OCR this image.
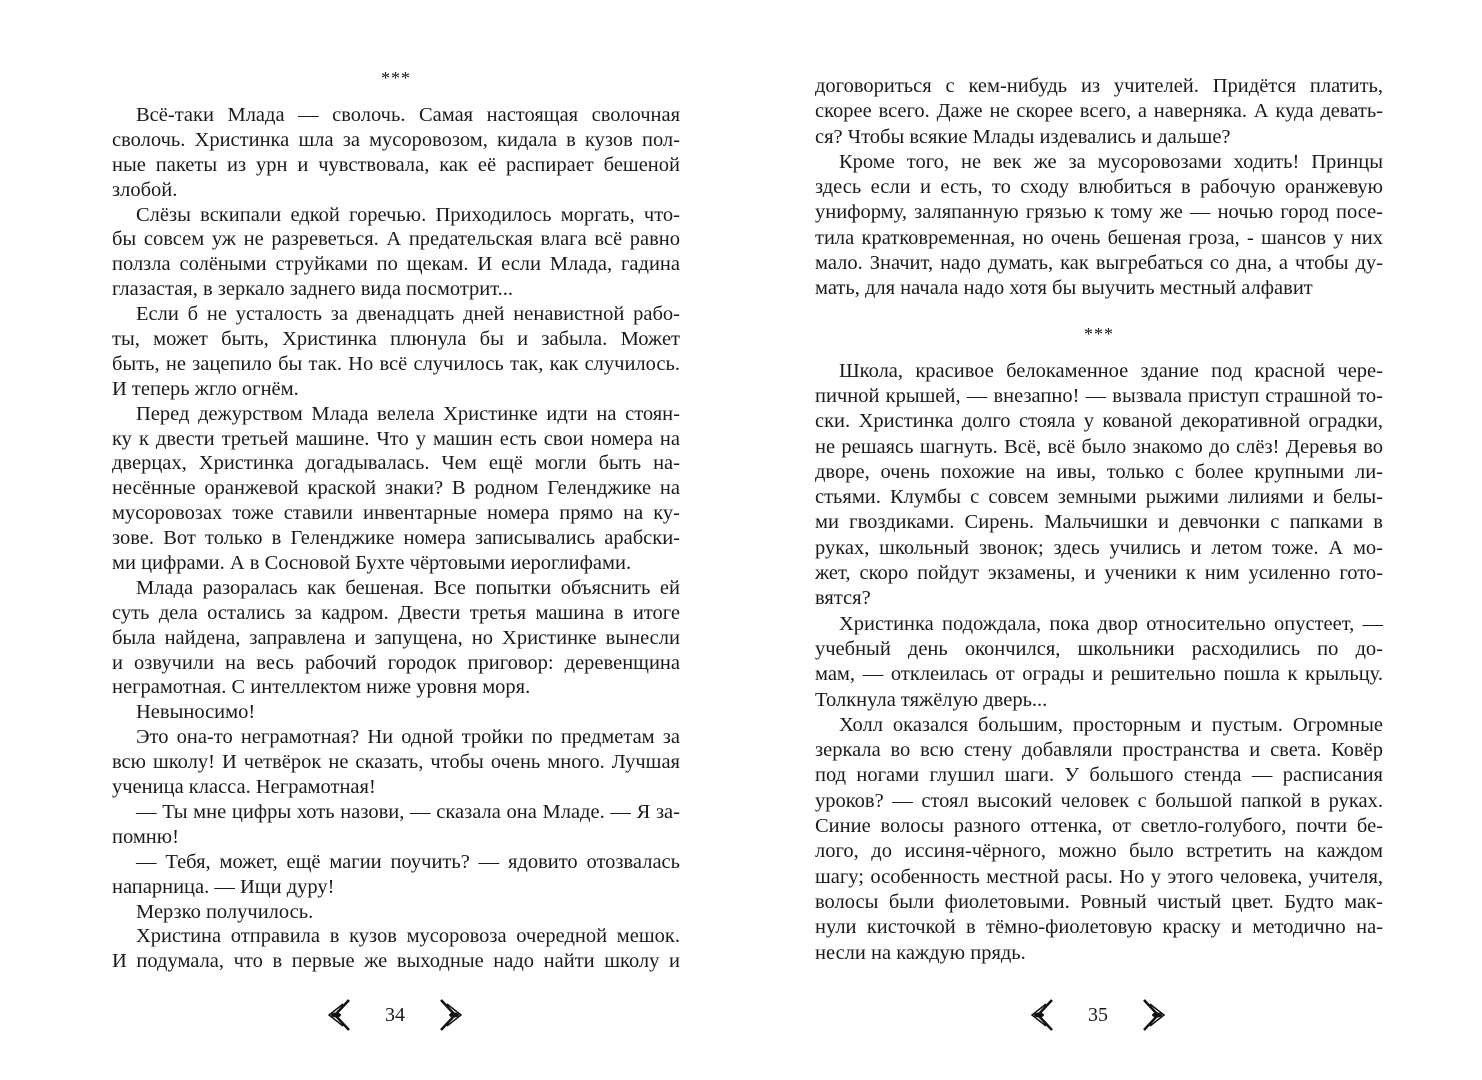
***
Всё-таки Млада — сволочь. Самая настоящая сволочная
сволочь. Христинка шла за мусоровозом, кидала в кузов пол-
ные пакеты из урн и чувствовала, как её распирает бешеной
злобой.
Слёзы вскипали едкой горечью. Приходилось моргать, что-
бы совсем уж не разреветься. А предательская влага всё равно
ползла солёными струйками по щекам. И если Млада, гадина
глазастая, в зеркало заднего вида посмотрит...
Если б не усталость за двенадцать дней ненавистной рабо-
ты, может быть, Христинка плюнула бы и забыла. Может
быть, не зацепило бы так. Но всё случилось так, как случилось.
И теперь жгло огнём.
Перед дежурством Млада велела Христинке идти на стоян-
ку к двести третьей машине. Что у машин есть свои номера на
дверцах, Христинка догадывалась. Чем ещё могли быть на-
несённые оранжевой краской знаки? В родном Геленджике на
мусоровозах тоже ставили инвентарные номера прямо на ку-
зове. Вот только в Геленджике номера записывались арабски-
ми цифрами. А в Сосновой Бухте чёртовыми иероглифами.
Млада разоралась как бешеная. Все попытки объяснить ей
суть дела остались за кадром. Двести третья машина в итоге
была найдена, заправлена и запущена, но Христинке вынесли
и озвучили на весь рабочий городок приговор: деревенщина
неграмотная. С интеллектом ниже уровня моря.
Невыносимо!
Это она-то неграмотная? Ни одной тройки по предметам за
всю школу! И четвёрок не сказать, чтобы очень много. Лучшая
ученица класса. Неграмотная!
— Ты мне цифры хоть назови, — сказала она Младе. — Я за-
помню!
— Тебя, может, ещё магии поучить? — ядовито отозвалась
напарница. — Ищи дуру!
Мерзко получилось.
Христина отправила в кузов мусоровоза очередной мешок.
И подумала, что в первые же выходные надо найти школу и
договориться с кем-нибудь из учителей. Придётся платить,
скорее всего. Даже не скорее всего, а наверняка. А куда девать-
ся? Чтобы всякие Млады издевались и дальше?
Кроме того, не век же за мусоровозами ходить! Принцы
здесь если и есть, то сходу влюбиться в рабочую оранжевую
униформу, заляпанную грязью к тому же — ночью город посе-
тила кратковременная, но очень бешеная гроза, - шансов у них
мало. Значит, надо думать, как выгребаться со дна, а чтобы ду-
мать, для начала надо хотя бы выучить местный алфавит
***
Школа, красивое белокаменное здание под красной чере-
пичной крышей, — внезапно! — вызвала приступ страшной то-
ски. Христинка долго стояла у кованой декоративной оградки,
не решаясь шагнуть. Всё, всё было знакомо до слёз! Деревья во
дворе, очень похожие на ивы, только с более крупными ли-
стьями. Клумбы с совсем земными рыжими лилиями и белы-
ми гвоздиками. Сирень. Мальчишки и девчонки с папками в
руках, школьный звонок; здесь учились и летом тоже. А мо-
жет, скоро пойдут экзамены, и ученики к ним усиленно гото-
вятся?
Христинка подождала, пока двор относительно опустеет, —
учебный день окончился, школьники расходились по до-
мам, — отклеилась от ограды и решительно пошла к крыльцу.
Толкнула тяжёлую дверь...
Холл оказался большим, просторным и пустым. Огромные
зеркала во всю стену добавляли пространства и света. Ковёр
под ногами глушил шаги. У большого стенда — расписания
уроков? — стоял высокий человек с большой папкой в руках.
Синие волосы разного оттенка, от светло-голубого, почти бе-
лого, до иссиня-чёрного, можно было встретить на каждом
шагу; особенность местной расы. Но у этого человека, учителя,
волосы были фиолетовыми. Ровный чистый цвет. Будто мак-
нули кисточкой в тёмно-фиолетовую краску и методично на-
несли на каждую прядь.
34	35
